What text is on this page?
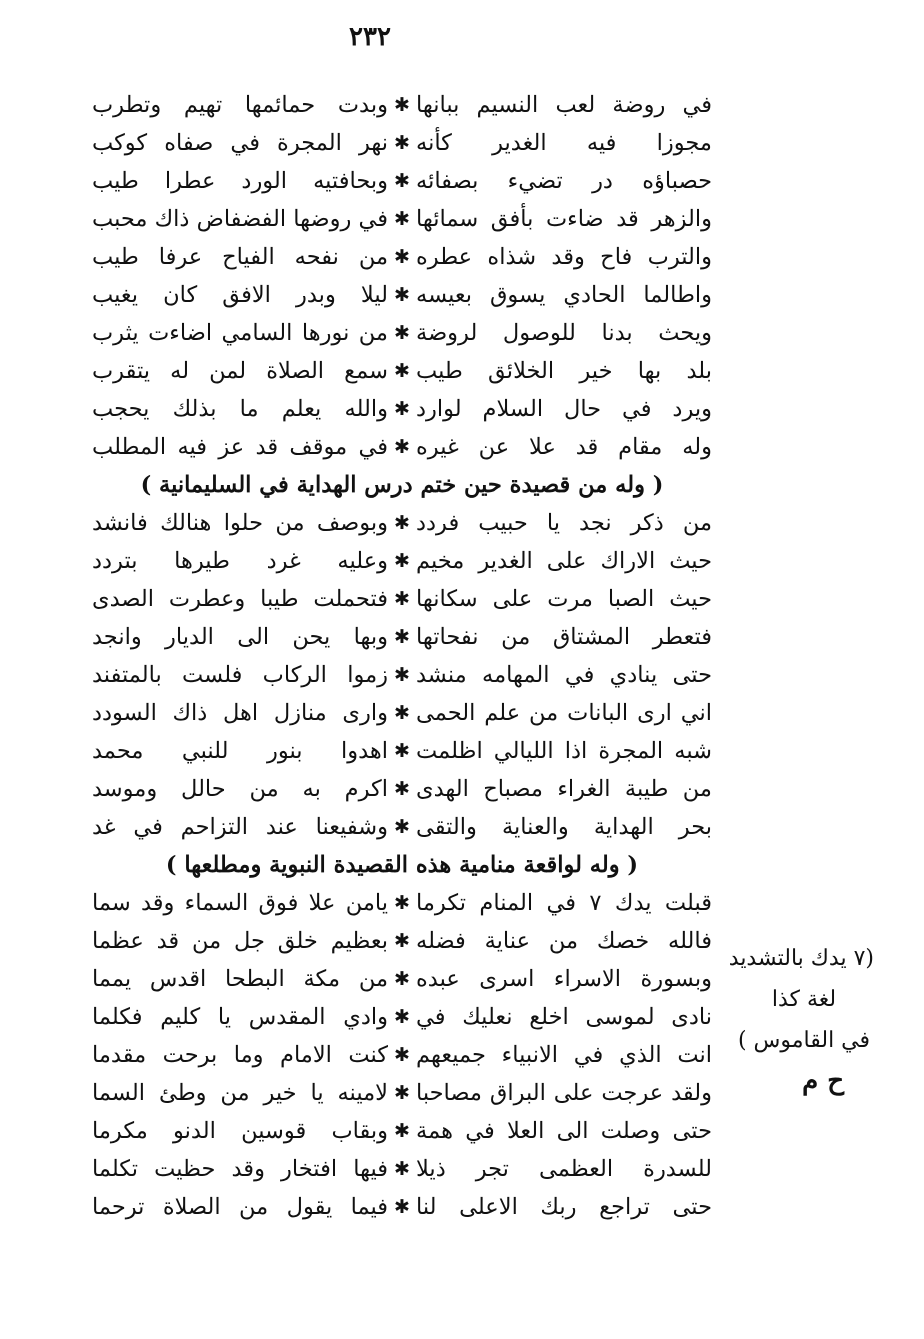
٢٣٢
في روضة لعب النسيم ببانها
✱
وبدت حمائمها تهيم وتطرب
مجوزا فيه الغدير كأنه
✱
نهر المجرة في صفاه كوكب
حصباؤه در تضيء بصفائه
✱
وبحافتيه الورد عطرا طيب
والزهر قد ضاءت بأفق سمائها
✱
في روضها الفضفاض ذاك محبب
والترب فاح وقد شذاه عطره
✱
من نفحه الفياح عرفا طيب
واطالما الحادي يسوق بعيسه
✱
ليلا وبدر الافق كان يغيب
ويحث بدنا للوصول لروضة
✱
من نورها السامي اضاءت يثرب
بلد بها خير الخلائق طيب
✱
سمع الصلاة لمن له يتقرب
ويرد في حال السلام لوارد
✱
والله يعلم ما بذلك يحجب
وله مقام قد علا عن غيره
✱
في موقف قد عز فيه المطلب
( وله من قصيدة حين ختم درس الهداية في السليمانية )
من ذكر نجد يا حبيب فردد
✱
وبوصف من حلوا هنالك فانشد
حيث الاراك على الغدير مخيم
✱
وعليه غرد طيرها بتردد
حيث الصبا مرت على سكانها
✱
فتحملت طيبا وعطرت الصدى
فتعطر المشتاق من نفحاتها
✱
وبها يحن الى الديار وانجد
حتى ينادي في المهامه منشد
✱
زموا الركاب فلست بالمتفند
اني ارى البانات من علم الحمى
✱
وارى منازل اهل ذاك السودد
شبه المجرة اذا الليالي اظلمت
✱
اهدوا بنور للنبي محمد
من طيبة الغراء مصباح الهدى
✱
اكرم به من حالل وموسد
بحر الهداية والعناية والتقى
✱
وشفيعنا عند التزاحم في غد
( وله لواقعة منامية هذه القصيدة النبوية ومطلعها )
قبلت يدك ٧ في المنام تكرما
✱
يامن علا فوق السماء وقد سما
فالله خصك من عناية فضله
✱
بعظيم خلق جل من قد عظما
وبسورة الاسراء اسرى عبده
✱
من مكة البطحا اقدس يمما
نادى لموسى اخلع نعليك في
✱
وادي المقدس يا كليم فكلما
انت الذي في الانبياء جميعهم
✱
كنت الامام وما برحت مقدما
ولقد عرجت على البراق مصاحبا
✱
لامينه يا خير من وطئ السما
حتى وصلت الى العلا في همة
✱
وبقاب قوسين الدنو مكرما
للسدرة العظمى تجر ذيلا
✱
فيها افتخار وقد حظيت تكلما
حتى تراجع ربك الاعلى لنا
✱
فيما يقول من الصلاة ترحما
(٧ يدك بالتشديد
لغة كذا
في القاموس )
ح م
